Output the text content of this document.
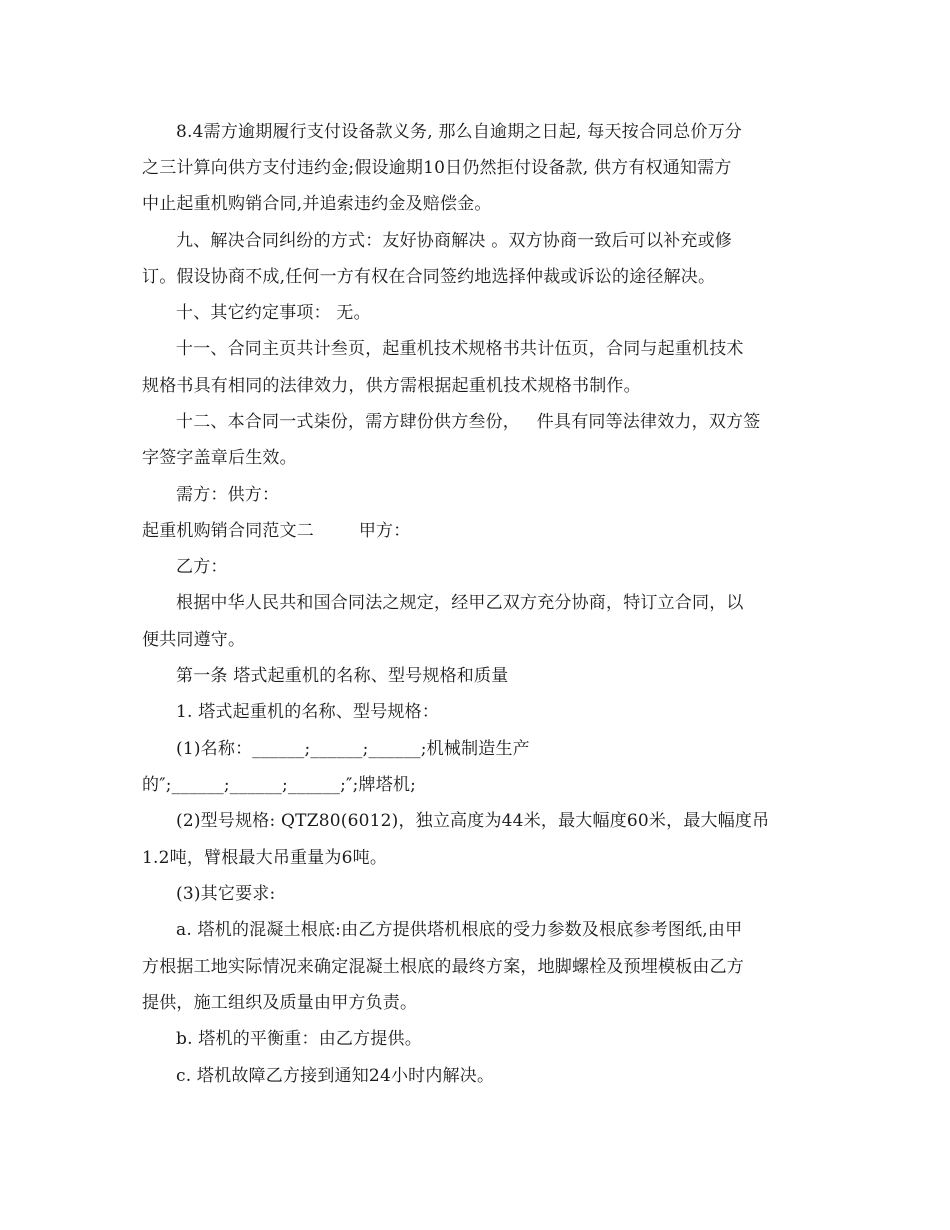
8.4需方逾期履行支付设备款义务, 那么自逾期之日起, 每天按合同总价万分
之三计算向供方支付违约金;假设逾期10日仍然拒付设备款, 供方有权通知需方
中止起重机购销合同,并追索违约金及赔偿金。
九、解决合同纠纷的方式：友好协商解决 。双方协商一致后可以补充或修
订。假设协商不成,任何一方有权在合同签约地选择仲裁或诉讼的途径解决。
十、其它约定事项： 无。
十一、合同主页共计叁页，起重机技术规格书共计伍页，合同与起重机技术
规格书具有相同的法律效力，供方需根据起重机技术规格书制作。
十二、本合同一式柒份，需方肆份供方叁份，   件具有同等法律效力，双方签
字签字盖章后生效。
需方：供方：
起重机购销合同范文二        甲方：
乙方：
根据中华人民共和国合同法之规定，经甲乙双方充分协商，特订立合同，以
便共同遵守。
第一条 塔式起重机的名称、型号规格和质量
1. 塔式起重机的名称、型号规格：
(1)名称：______;______;______;机械制造生产
的″;______;______;______;″;牌塔机;
(2)型号规格: QTZ80(6012)，独立高度为44米，最大幅度60米，最大幅度吊
1.2吨，臂根最大吊重量为6吨。
(3)其它要求:
a. 塔机的混凝土根底:由乙方提供塔机根底的受力参数及根底参考图纸,由甲
方根据工地实际情况来确定混凝土根底的最终方案，地脚螺栓及预埋模板由乙方
提供，施工组织及质量由甲方负责。
b. 塔机的平衡重：由乙方提供。
c. 塔机故障乙方接到通知24小时内解决。
